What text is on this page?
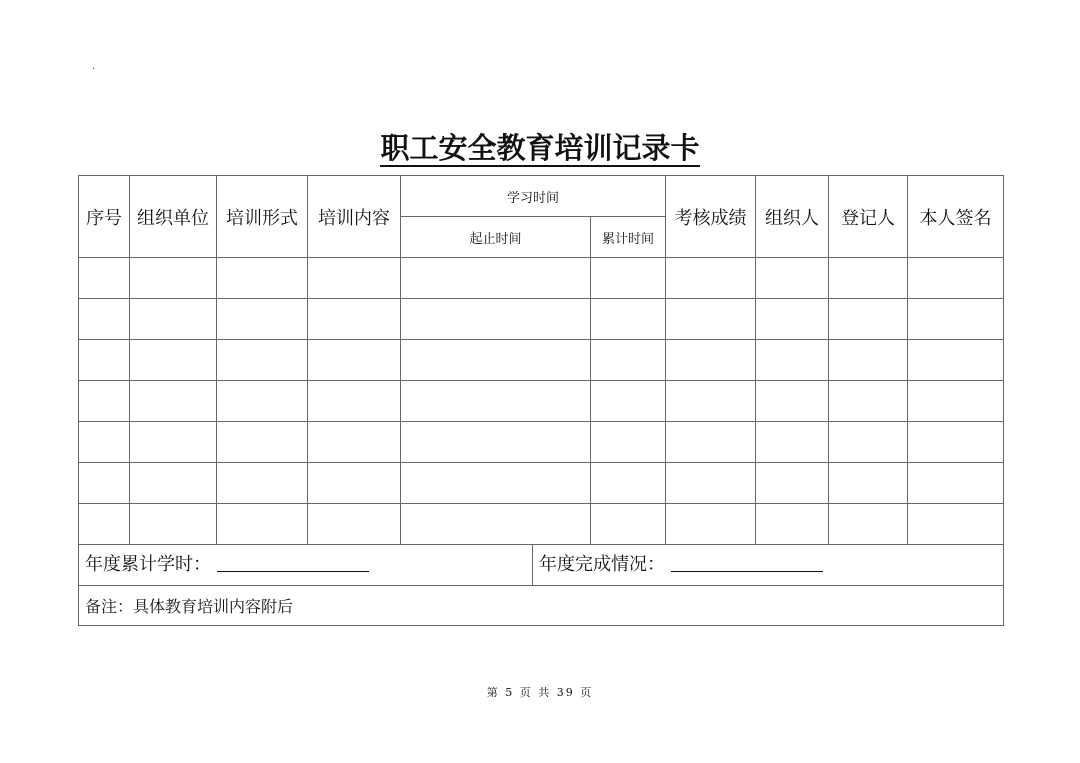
.
职工安全教育培训记录卡
序号	组织单位	培训形式	培训内容	学习时间		考核成绩	组织人	登记人	本人签名
				起止时间	累计时间				

年度累计学时： 年度完成情况：									
备注：具体教育培训内容附后									
第 5 页 共 39 页
